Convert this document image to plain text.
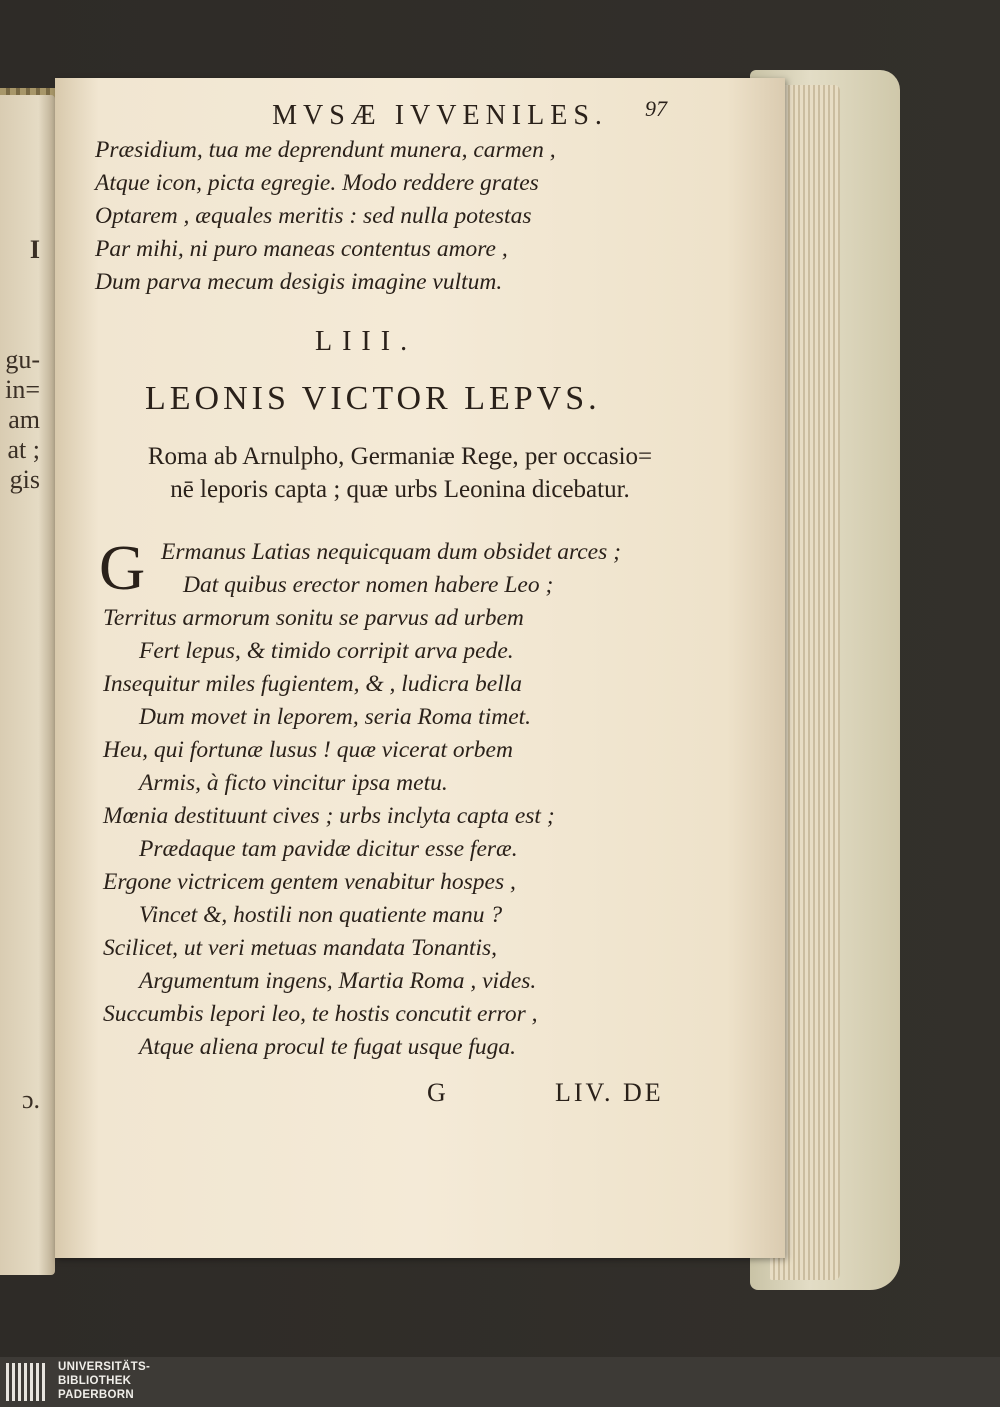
I
gu-
in=
am
at ;
gis
ɔ.
MVSÆ IVVENILES.	97
Præsidium, tua me deprendunt munera, carmen ,
Atque icon, picta egregie. Modo reddere grates
Optarem , æquales meritis : sed nulla potestas
Par mihi, ni puro maneas contentus amore ,
Dum parva mecum desigis imagine vultum.
LIII.
LEONIS VICTOR LEPVS.
Roma ab Arnulpho, Germaniæ Rege, per occasio=
nē leporis capta ; quæ urbs Leonina dicebatur.
G Ermanus Latias nequicquam dum obsidet arces ;
Dat quibus erector nomen habere Leo ;
Territus armorum sonitu se parvus ad urbem
Fert lepus, & timido corripit arva pede.
Insequitur miles fugientem, & , ludicra bella
Dum movet in leporem, seria Roma timet.
Heu, qui fortunæ lusus ! quæ vicerat orbem
Armis, à ficto vincitur ipsa metu.
Mœnia destituunt cives ; urbs inclyta capta est ;
Prædaque tam pavidæ dicitur esse feræ.
Ergone victricem gentem venabitur hospes ,
Vincet &, hostili non quatiente manu ?
Scilicet, ut veri metuas mandata Tonantis,
Argumentum ingens, Martia Roma , vides.
Succumbis lepori leo, te hostis concutit error ,
Atque aliena procul te fugat usque fuga.
G	LIV. DE
UNIVERSITÄTS-
BIBLIOTHEK
PADERBORN
